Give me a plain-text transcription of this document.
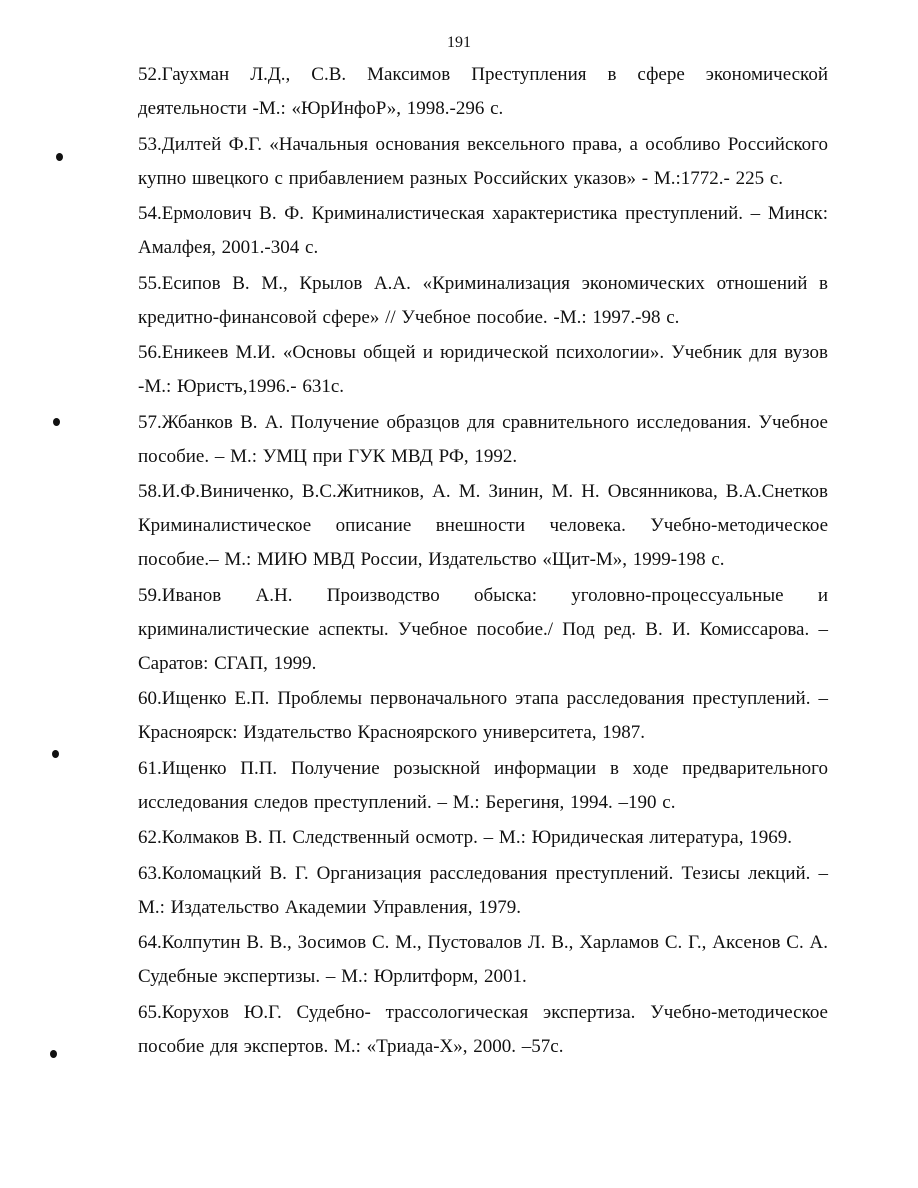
191
52.Гаухман Л.Д., С.В. Максимов Преступления в сфере экономической деятельности -М.: «ЮрИнфоР», 1998.-296 с.
53.Дилтей Ф.Г. «Начальныя основания вексельного права, а особливо Российского купно швецкого с прибавлением разных Российских указов» - М.:1772.- 225 с.
54.Ермолович В. Ф. Криминалистическая характеристика преступлений. – Минск: Амалфея, 2001.-304 с.
55.Есипов В. М., Крылов А.А. «Криминализация экономических отношений в кредитно-финансовой сфере» // Учебное пособие. -М.: 1997.-98 с.
56.Еникеев М.И. «Основы общей и юридической психологии». Учебник для вузов -М.: Юристъ,1996.- 631с.
57.Жбанков В. А. Получение образцов для сравнительного исследования. Учебное пособие. – М.: УМЦ при ГУК МВД РФ, 1992.
58.И.Ф.Виниченко, В.С.Житников, А. М. Зинин, М. Н. Овсянникова, В.А.Снетков Криминалистическое описание внешности человека. Учебно-методическое пособие.– М.: МИЮ МВД России, Издательство «Щит-М», 1999-198 с.
59.Иванов А.Н. Производство обыска: уголовно-процессуальные и криминалистические аспекты. Учебное пособие./ Под ред. В. И. Комиссарова. – Саратов: СГАП, 1999.
60.Ищенко Е.П. Проблемы первоначального этапа расследования преступлений. – Красноярск: Издательство Красноярского университета, 1987.
61.Ищенко П.П. Получение розыскной информации в ходе предварительного исследования следов преступлений. – М.: Берегиня, 1994. –190 с.
62.Колмаков В. П. Следственный осмотр. – М.: Юридическая литература, 1969.
63.Коломацкий В. Г. Организация расследования преступлений. Тезисы лекций. – М.: Издательство Академии Управления, 1979.
64.Колпутин В. В., Зосимов С. М., Пустовалов Л. В., Харламов С. Г., Аксенов С. А. Судебные экспертизы. – М.: Юрлитформ, 2001.
65.Корухов Ю.Г. Судебно- трассологическая экспертиза. Учебно-методическое пособие для экспертов. М.: «Триада-Х», 2000. –57с.
